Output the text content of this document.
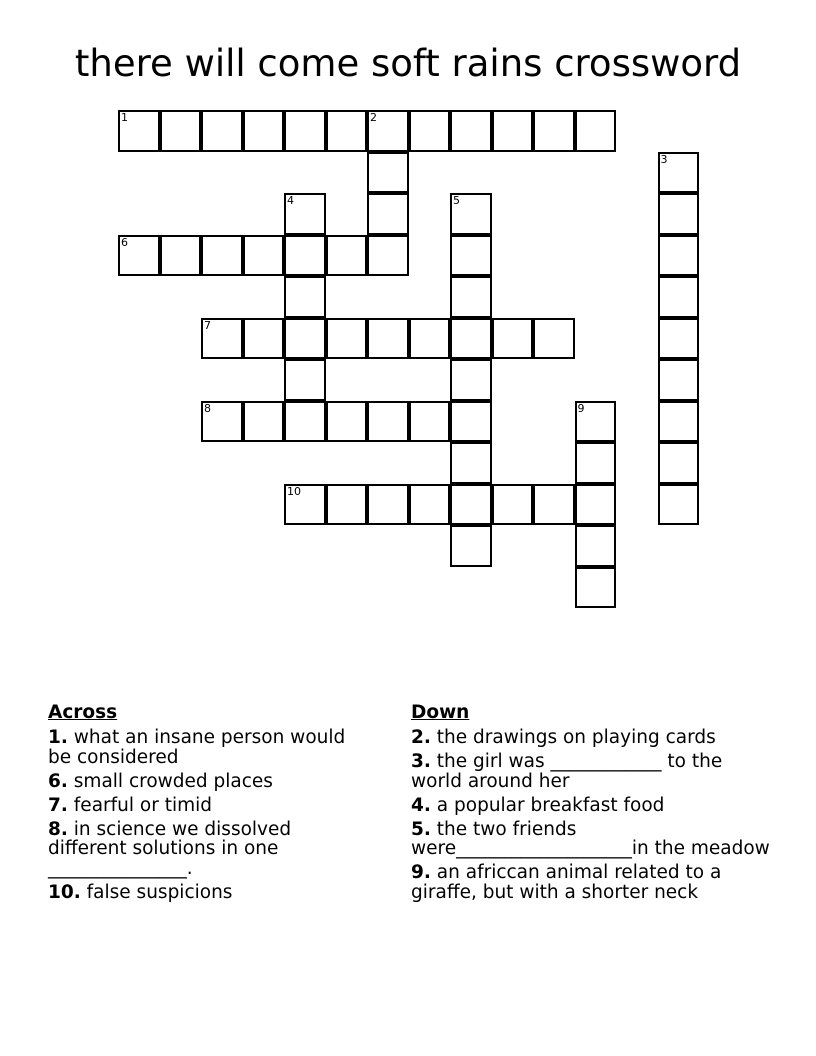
there will come soft rains crossword
1	2
3
4	5
6
7
8	9
10
Across
1. what an insane person would be considered
6. small crowded places
7. fearful or timid
8. in science we dissolved different solutions in one _______________.
10. false suspicions
Down
2. the drawings on playing cards
3. the girl was ____________ to the world around her
4. a popular breakfast food
5. the two friends were___________________in the meadow
9. an africcan animal related to a giraffe, but with a shorter neck
